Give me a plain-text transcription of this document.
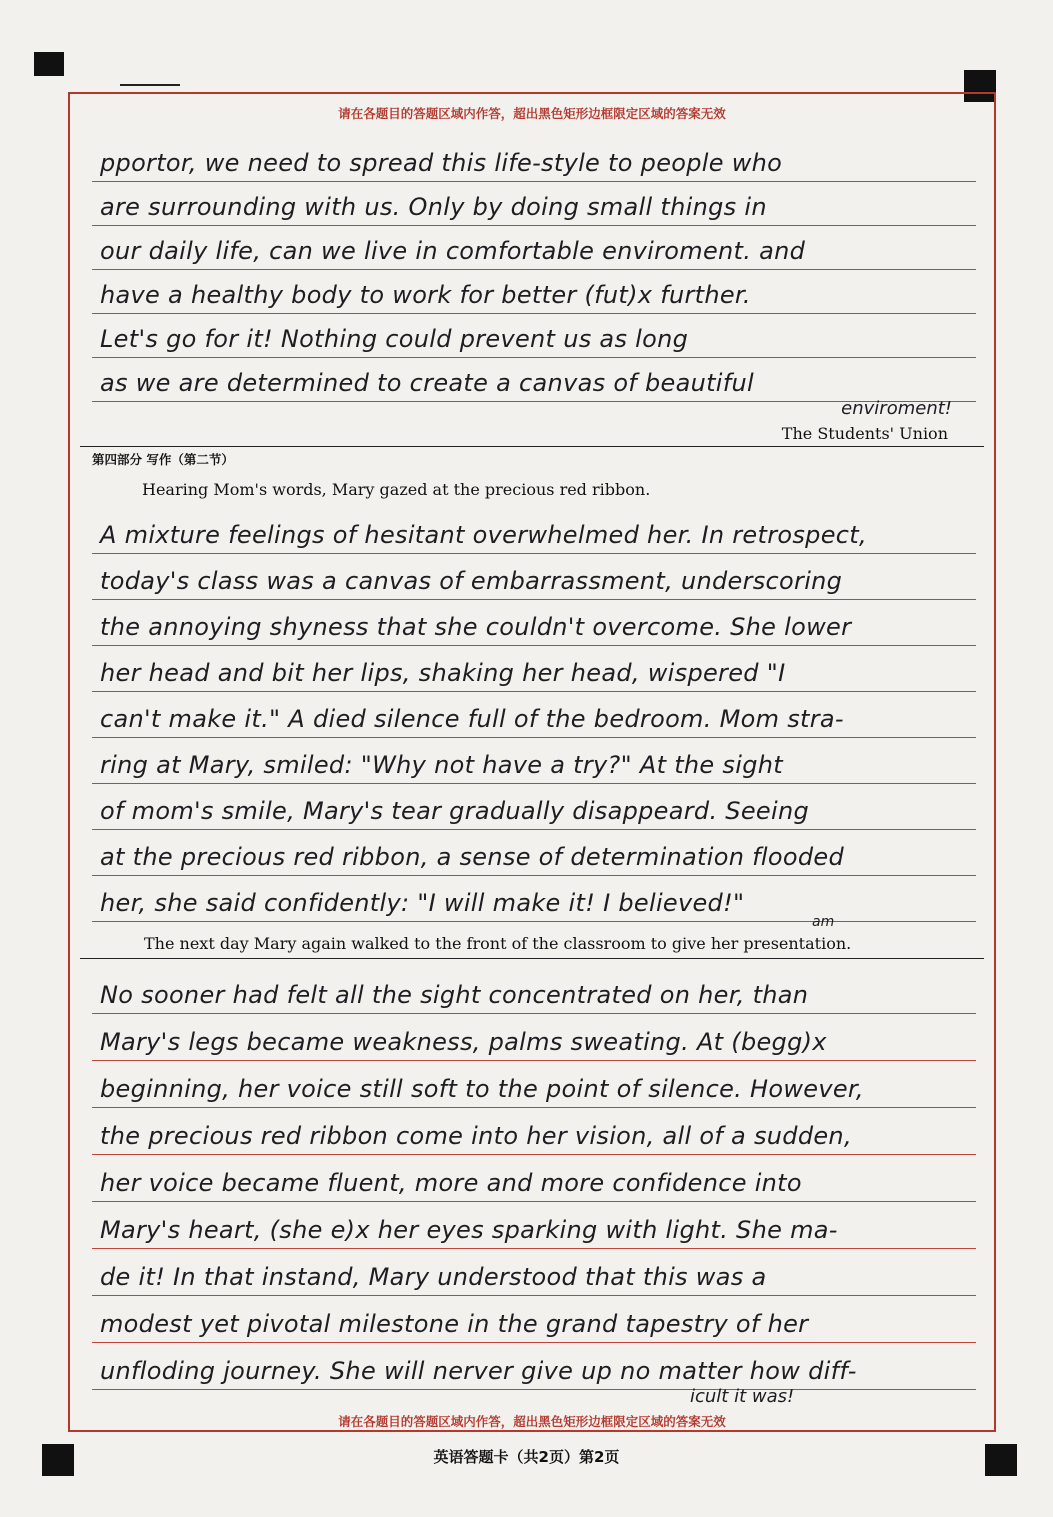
请在各题目的答题区域内作答，超出黑色矩形边框限定区域的答案无效
pportor, we need to spread this life-style to people who
are surrounding with us. Only by doing small things in
our daily life, can we live in comfortable enviroment. and
have a healthy body to work for better (fut)x further.
Let's go for it! Nothing could prevent us as long
as we are determined to create a canvas of beautiful
enviroment!
The Students' Union
第四部分 写作（第二节）
Hearing Mom's words, Mary gazed at the precious red ribbon.
A mixture feelings of hesitant overwhelmed her. In retrospect,
today's class was a canvas of embarrassment, underscoring
the annoying shyness that she couldn't overcome. She lower
her head and bit her lips, shaking her head, wispered "I
can't make it." A died silence full of the bedroom. Mom stra-
ring at Mary, smiled: "Why not have a try?" At the sight
of mom's smile, Mary's tear gradually disappeard. Seeing
at the precious red ribbon, a sense of determination flooded
her, she said confidently: "I will make it! I believed!"
am
The next day Mary again walked to the front of the classroom to give her presentation.
No sooner had felt all the sight concentrated on her, than
Mary's legs became weakness, palms sweating. At (begg)x
beginning, her voice still soft to the point of silence. However,
the precious red ribbon come into her vision, all of a sudden,
her voice became fluent, more and more confidence into
Mary's heart, (she e)x her eyes sparking with light. She ma-
de it! In that instand, Mary understood that this was a
modest yet pivotal milestone in the grand tapestry of her
unfloding journey. She will nerver give up no matter how diff-
icult it was!
请在各题目的答题区域内作答，超出黑色矩形边框限定区域的答案无效
英语答题卡（共2页）第2页
